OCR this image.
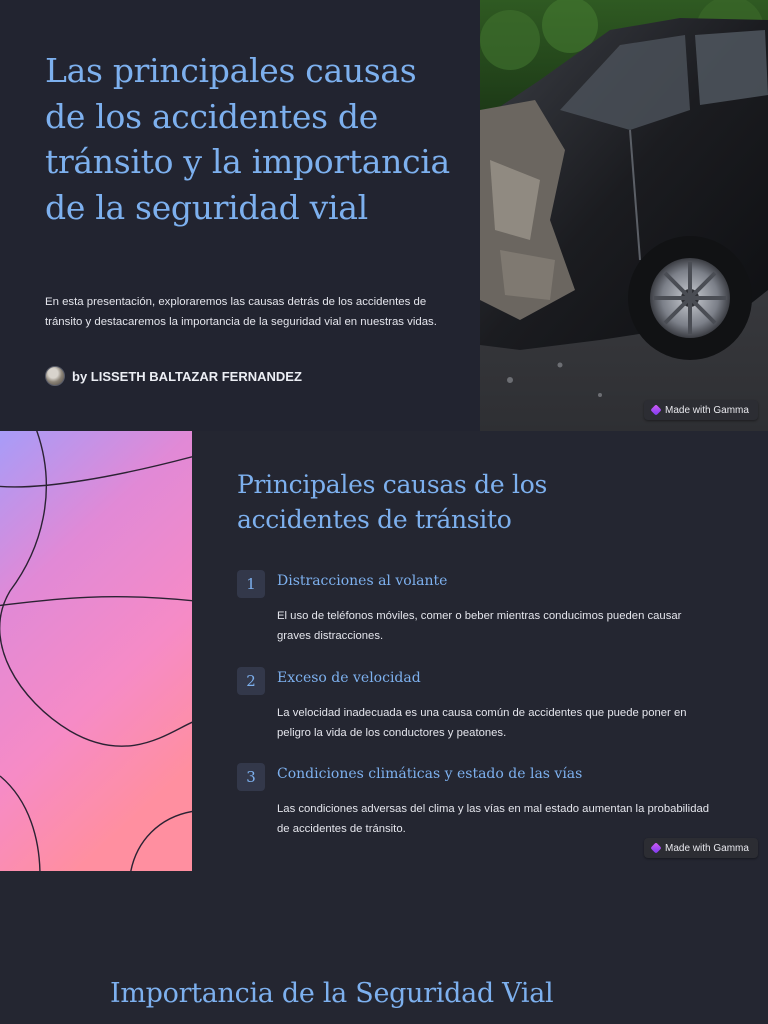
Las principales causas de los accidentes de tránsito y la importancia de la seguridad vial

En esta presentación, exploraremos las causas detrás de los accidentes de tránsito y destacaremos la importancia de la seguridad vial en nuestras vidas.

by LISSETH BALTAZAR FERNANDEZ
Made with Gamma
Principales causas de los accidentes de tránsito
1	Distracciones al volante

El uso de teléfonos móviles, comer o beber mientras conducimos pueden causar graves distracciones.

2	Exceso de velocidad

La velocidad inadecuada es una causa común de accidentes que puede poner en peligro la vida de los conductores y peatones.

3	Condiciones climáticas y estado de las vías

Las condiciones adversas del clima y las vías en mal estado aumentan la probabilidad de accidentes de tránsito.

Made with Gamma
Importancia de la Seguridad Vial
